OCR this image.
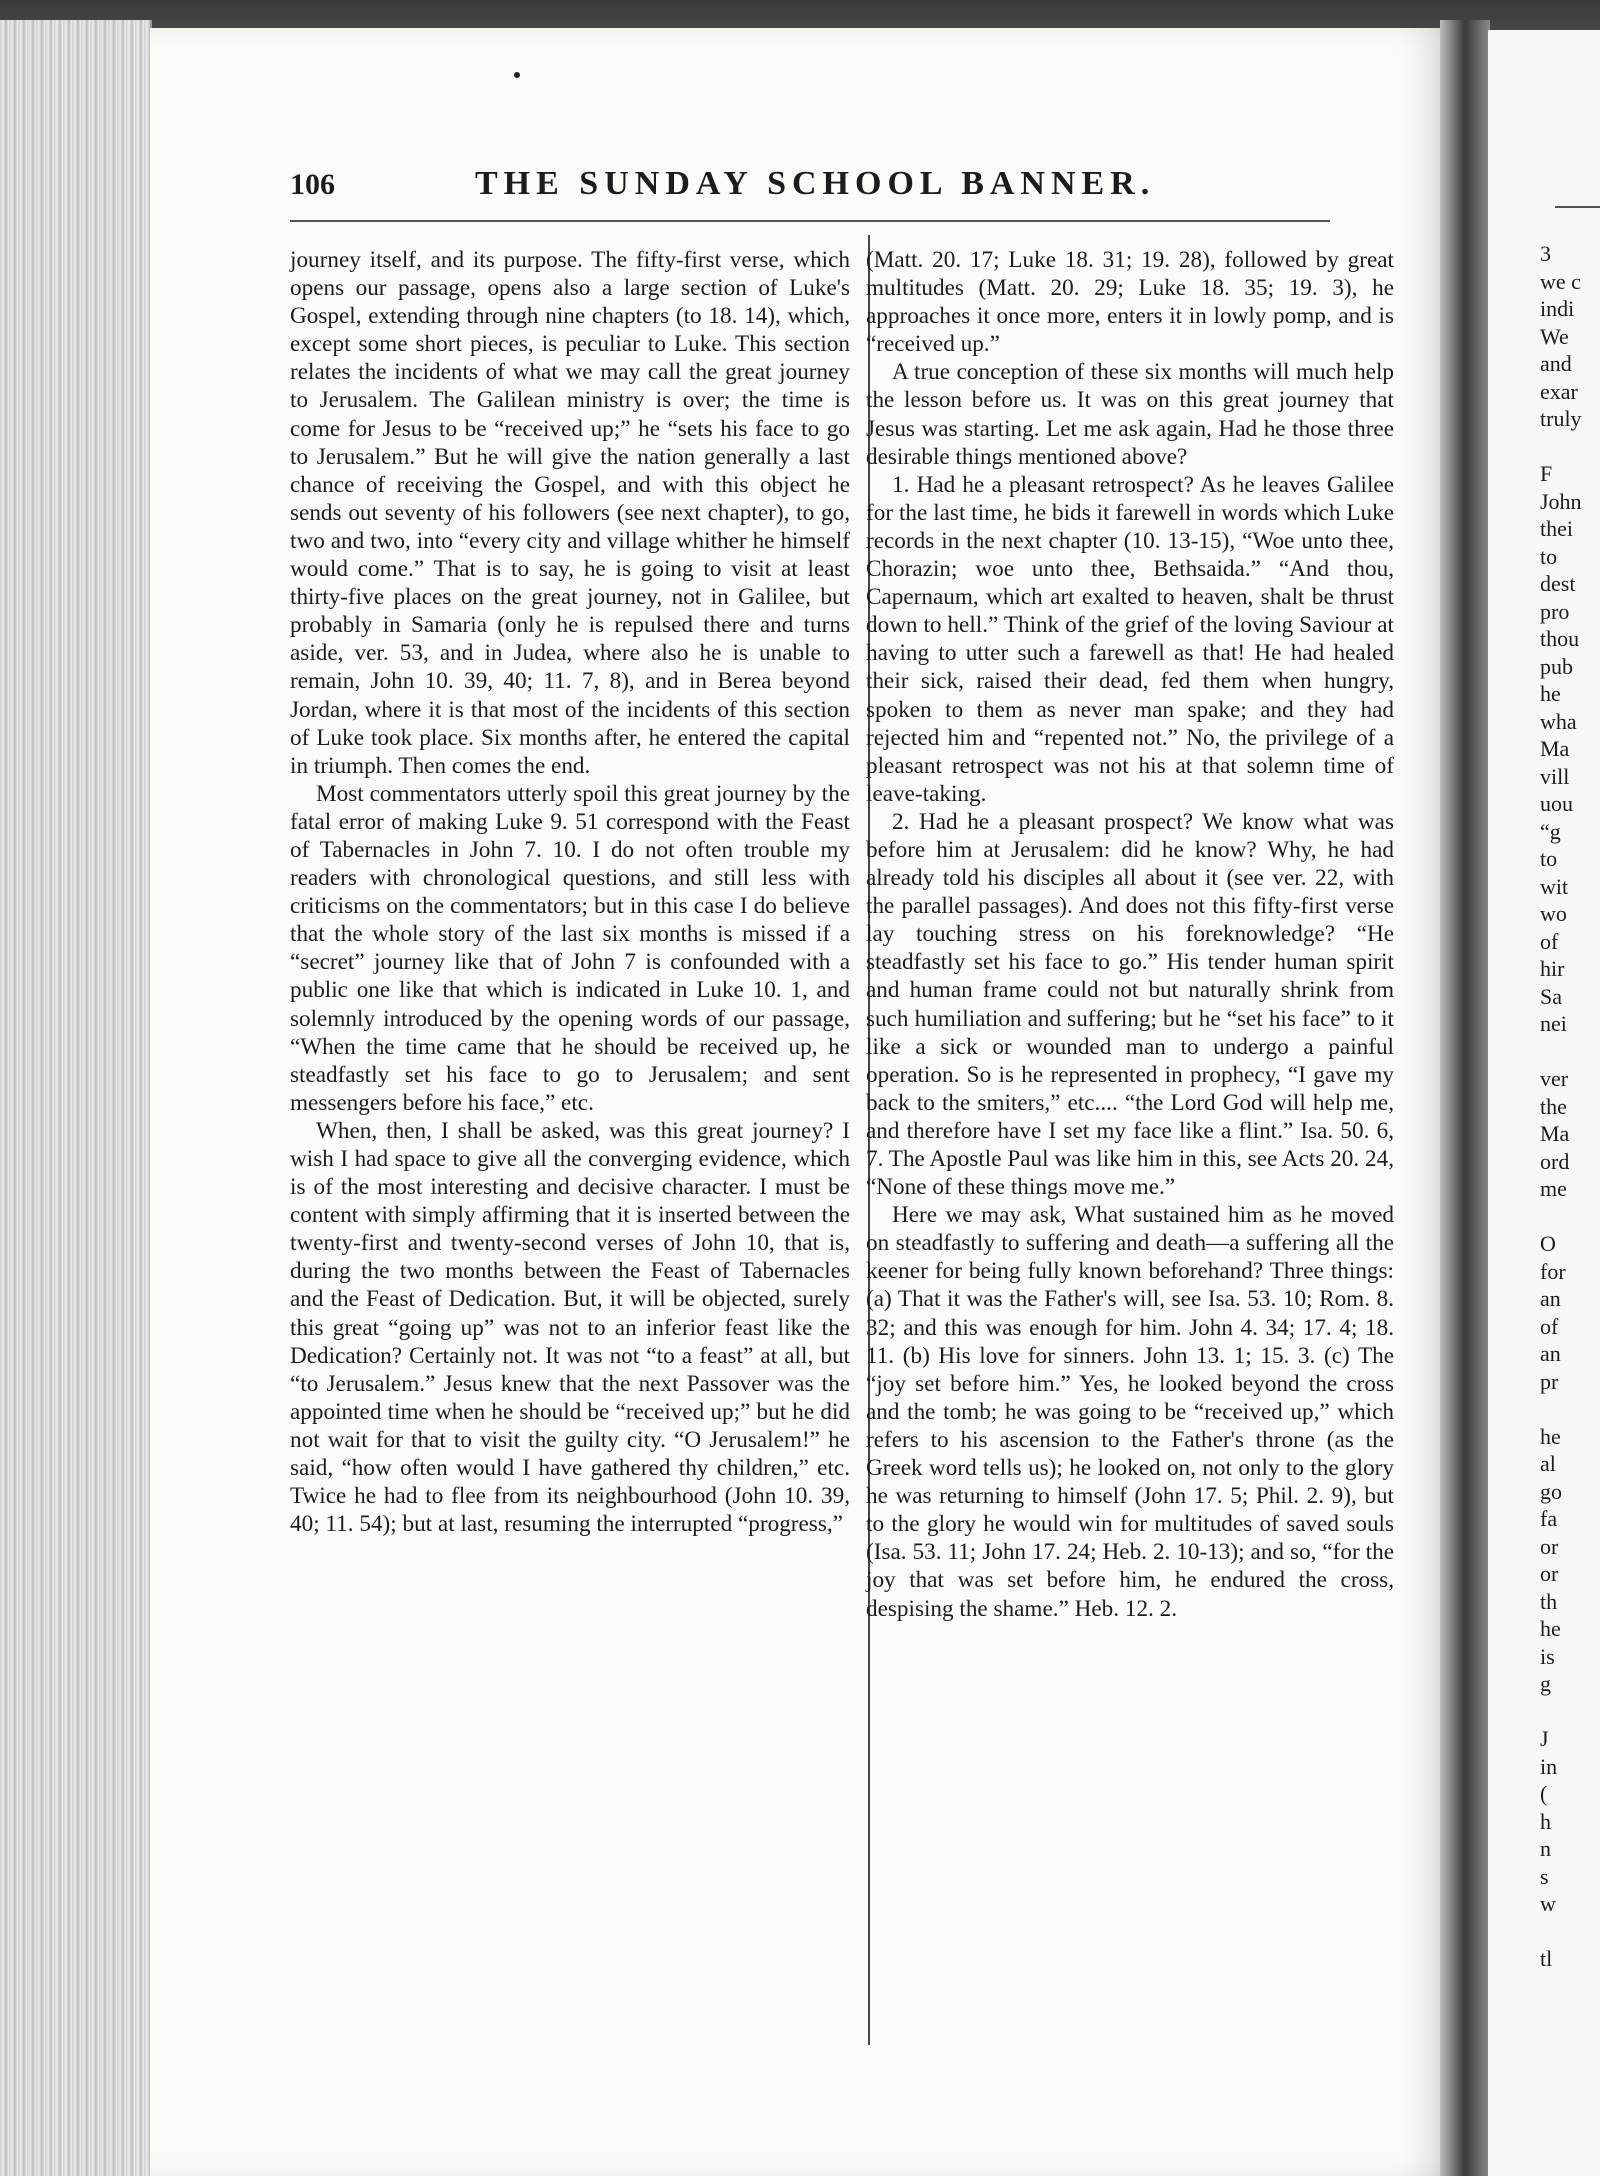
106	THE SUNDAY SCHOOL BANNER.

journey itself, and its purpose. The fifty-first verse, which opens our passage, opens also a large section of Luke's Gospel, extending through nine chapters (to 18. 14), which, except some short pieces, is peculiar to Luke. This section relates the incidents of what we may call the great journey to Jerusalem. The Galilean ministry is over; the time is come for Jesus to be “received up;” he “sets his face to go to Jerusalem.” But he will give the nation generally a last chance of receiving the Gospel, and with this object he sends out seventy of his followers (see next chapter), to go, two and two, into “every city and village whither he himself would come.” That is to say, he is going to visit at least thirty-five places on the great journey, not in Galilee, but probably in Samaria (only he is repulsed there and turns aside, ver. 53, and in Judea, where also he is unable to remain, John 10. 39, 40; 11. 7, 8), and in Berea beyond Jordan, where it is that most of the incidents of this section of Luke took place. Six months after, he entered the capital in triumph. Then comes the end.

Most commentators utterly spoil this great journey by the fatal error of making Luke 9. 51 correspond with the Feast of Tabernacles in John 7. 10. I do not often trouble my readers with chronological questions, and still less with criticisms on the commentators; but in this case I do believe that the whole story of the last six months is missed if a “secret” journey like that of John 7 is confounded with a public one like that which is indicated in Luke 10. 1, and solemnly introduced by the opening words of our passage, “When the time came that he should be received up, he steadfastly set his face to go to Jerusalem; and sent messengers before his face,” etc.

When, then, I shall be asked, was this great journey? I wish I had space to give all the converging evidence, which is of the most interesting and decisive character. I must be content with simply affirming that it is inserted between the twenty-first and twenty-second verses of John 10, that is, during the two months between the Feast of Tabernacles and the Feast of Dedication. But, it will be objected, surely this great “going up” was not to an inferior feast like the Dedication? Certainly not. It was not “to a feast” at all, but “to Jerusalem.” Jesus knew that the next Passover was the appointed time when he should be “received up;” but he did not wait for that to visit the guilty city. “O Jerusalem!” he said, “how often would I have gathered thy children,” etc. Twice he had to flee from its neighbourhood (John 10. 39, 40; 11. 54); but at last, resuming the interrupted “progress,”

(Matt. 20. 17; Luke 18. 31; 19. 28), followed by great multitudes (Matt. 20. 29; Luke 18. 35; 19. 3), he approaches it once more, enters it in lowly pomp, and is “received up.”

A true conception of these six months will much help the lesson before us. It was on this great journey that Jesus was starting. Let me ask again, Had he those three desirable things mentioned above?

1. Had he a pleasant retrospect? As he leaves Galilee for the last time, he bids it farewell in words which Luke records in the next chapter (10. 13-15), “Woe unto thee, Chorazin; woe unto thee, Bethsaida.” “And thou, Capernaum, which art exalted to heaven, shalt be thrust down to hell.” Think of the grief of the loving Saviour at having to utter such a farewell as that! He had healed their sick, raised their dead, fed them when hungry, spoken to them as never man spake; and they had rejected him and “repented not.” No, the privilege of a pleasant retrospect was not his at that solemn time of leave-taking.

2. Had he a pleasant prospect? We know what was before him at Jerusalem: did he know? Why, he had already told his disciples all about it (see ver. 22, with the parallel passages). And does not this fifty-first verse lay touching stress on his foreknowledge? “He steadfastly set his face to go.” His tender human spirit and human frame could not but naturally shrink from such humiliation and suffering; but he “set his face” to it like a sick or wounded man to undergo a painful operation. So is he represented in prophecy, “I gave my back to the smiters,” etc.... “the Lord God will help me, and therefore have I set my face like a flint.” Isa. 50. 6, 7. The Apostle Paul was like him in this, see Acts 20. 24, “None of these things move me.”

Here we may ask, What sustained him as he moved on steadfastly to suffering and death—a suffering all the keener for being fully known beforehand? Three things: (a) That it was the Father's will, see Isa. 53. 10; Rom. 8. 32; and this was enough for him. John 4. 34; 17. 4; 18. 11. (b) His love for sinners. John 13. 1; 15. 3. (c) The “joy set before him.” Yes, he looked beyond the cross and the tomb; he was going to be “received up,” which refers to his ascension to the Father's throne (as the Greek word tells us); he looked on, not only to the glory he was returning to himself (John 17. 5; Phil. 2. 9), but to the glory he would win for multitudes of saved souls (Isa. 53. 11; John 17. 24; Heb. 2. 10-13); and so, “for the joy that was set before him, he endured the cross, despising the shame.” Heb. 12. 2.

3
we c
indi
We
and
exar
truly

F
John
thei
to
dest
pro
thou
pub
he
wha
Ma
vill
uou
“g
to
wit
wo
of
hir
Sa
nei

ver
the
Ma
ord
me

O
for
an
of
an
pr

he
al
go
fa
or
or
th
he
is
g

J
in
(
h
n
s
w

tl
